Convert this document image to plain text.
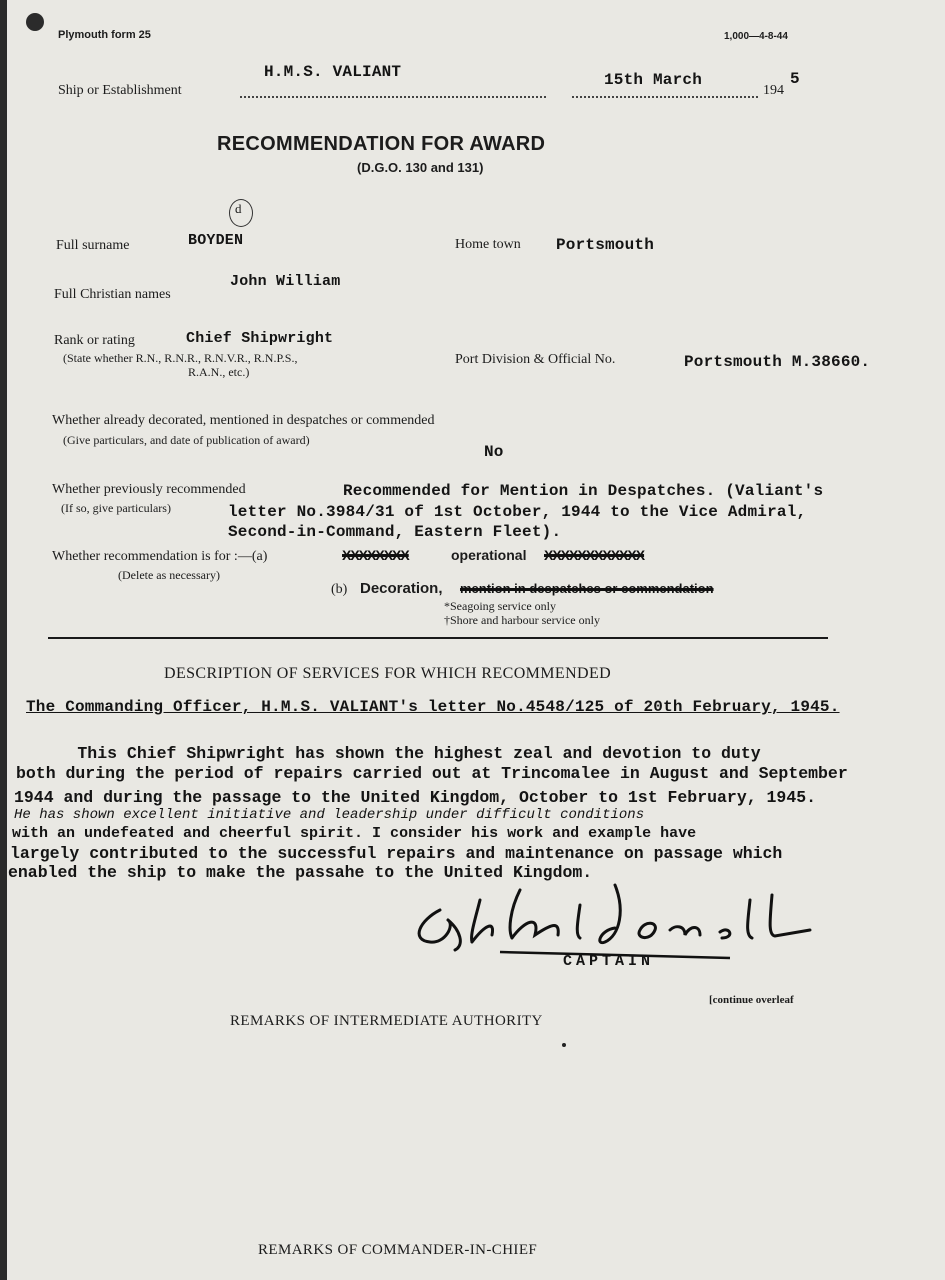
Plymouth form 25	1,000—4-8-44
Ship or Establishment
H.M.S. VALIANT	15th March
194
5
RECOMMENDATION FOR AWARD
(D.G.O. 130 and 131)
d
Full surname	BOYDEN	Home town Portsmouth
Full Christian names
John William
Rank or rating	Chief Shipwright
(State whether R.N., R.N.R., R.N.V.R., R.N.P.S.,
R.A.N., etc.)
Port Division & Official No.	Portsmouth M.38660.
Whether already decorated, mentioned in despatches or commended
(Give particulars, and date of publication of award)
No
Whether previously recommended
(If so, give particulars)
Recommended for Mention in Despatches. (Valiant's
letter No.3984/31 of 1st October, 1944 to the Vice Admiral,
Second-in-Command, Eastern Fleet).
Whether recommendation is for :—(a)
(Delete as necessary)
XXXXXXXX	operational XXXXXXXXXXXX
(b) Decoration, mention in despatches or commendation
*Seagoing service only
†Shore and harbour service only
DESCRIPTION OF SERVICES FOR WHICH RECOMMENDED
The Commanding Officer, H.M.S. VALIANT's letter No.4548/125 of 20th February, 1945.
This Chief Shipwright has shown the highest zeal and devotion to duty
both during the period of repairs carried out at Trincomalee in August and September
1944 and during the passage to the United Kingdom, October to 1st February, 1945.
He has shown excellent initiative and leadership under difficult conditions
with an undefeated and cheerful spirit. I consider his work and example have
largely contributed to the successful repairs and maintenance on passage which
enabled the ship to make the passahe to the United Kingdom.
CAPTAIN
[continue overleaf
REMARKS OF INTERMEDIATE AUTHORITY
REMARKS OF COMMANDER-IN-CHIEF
